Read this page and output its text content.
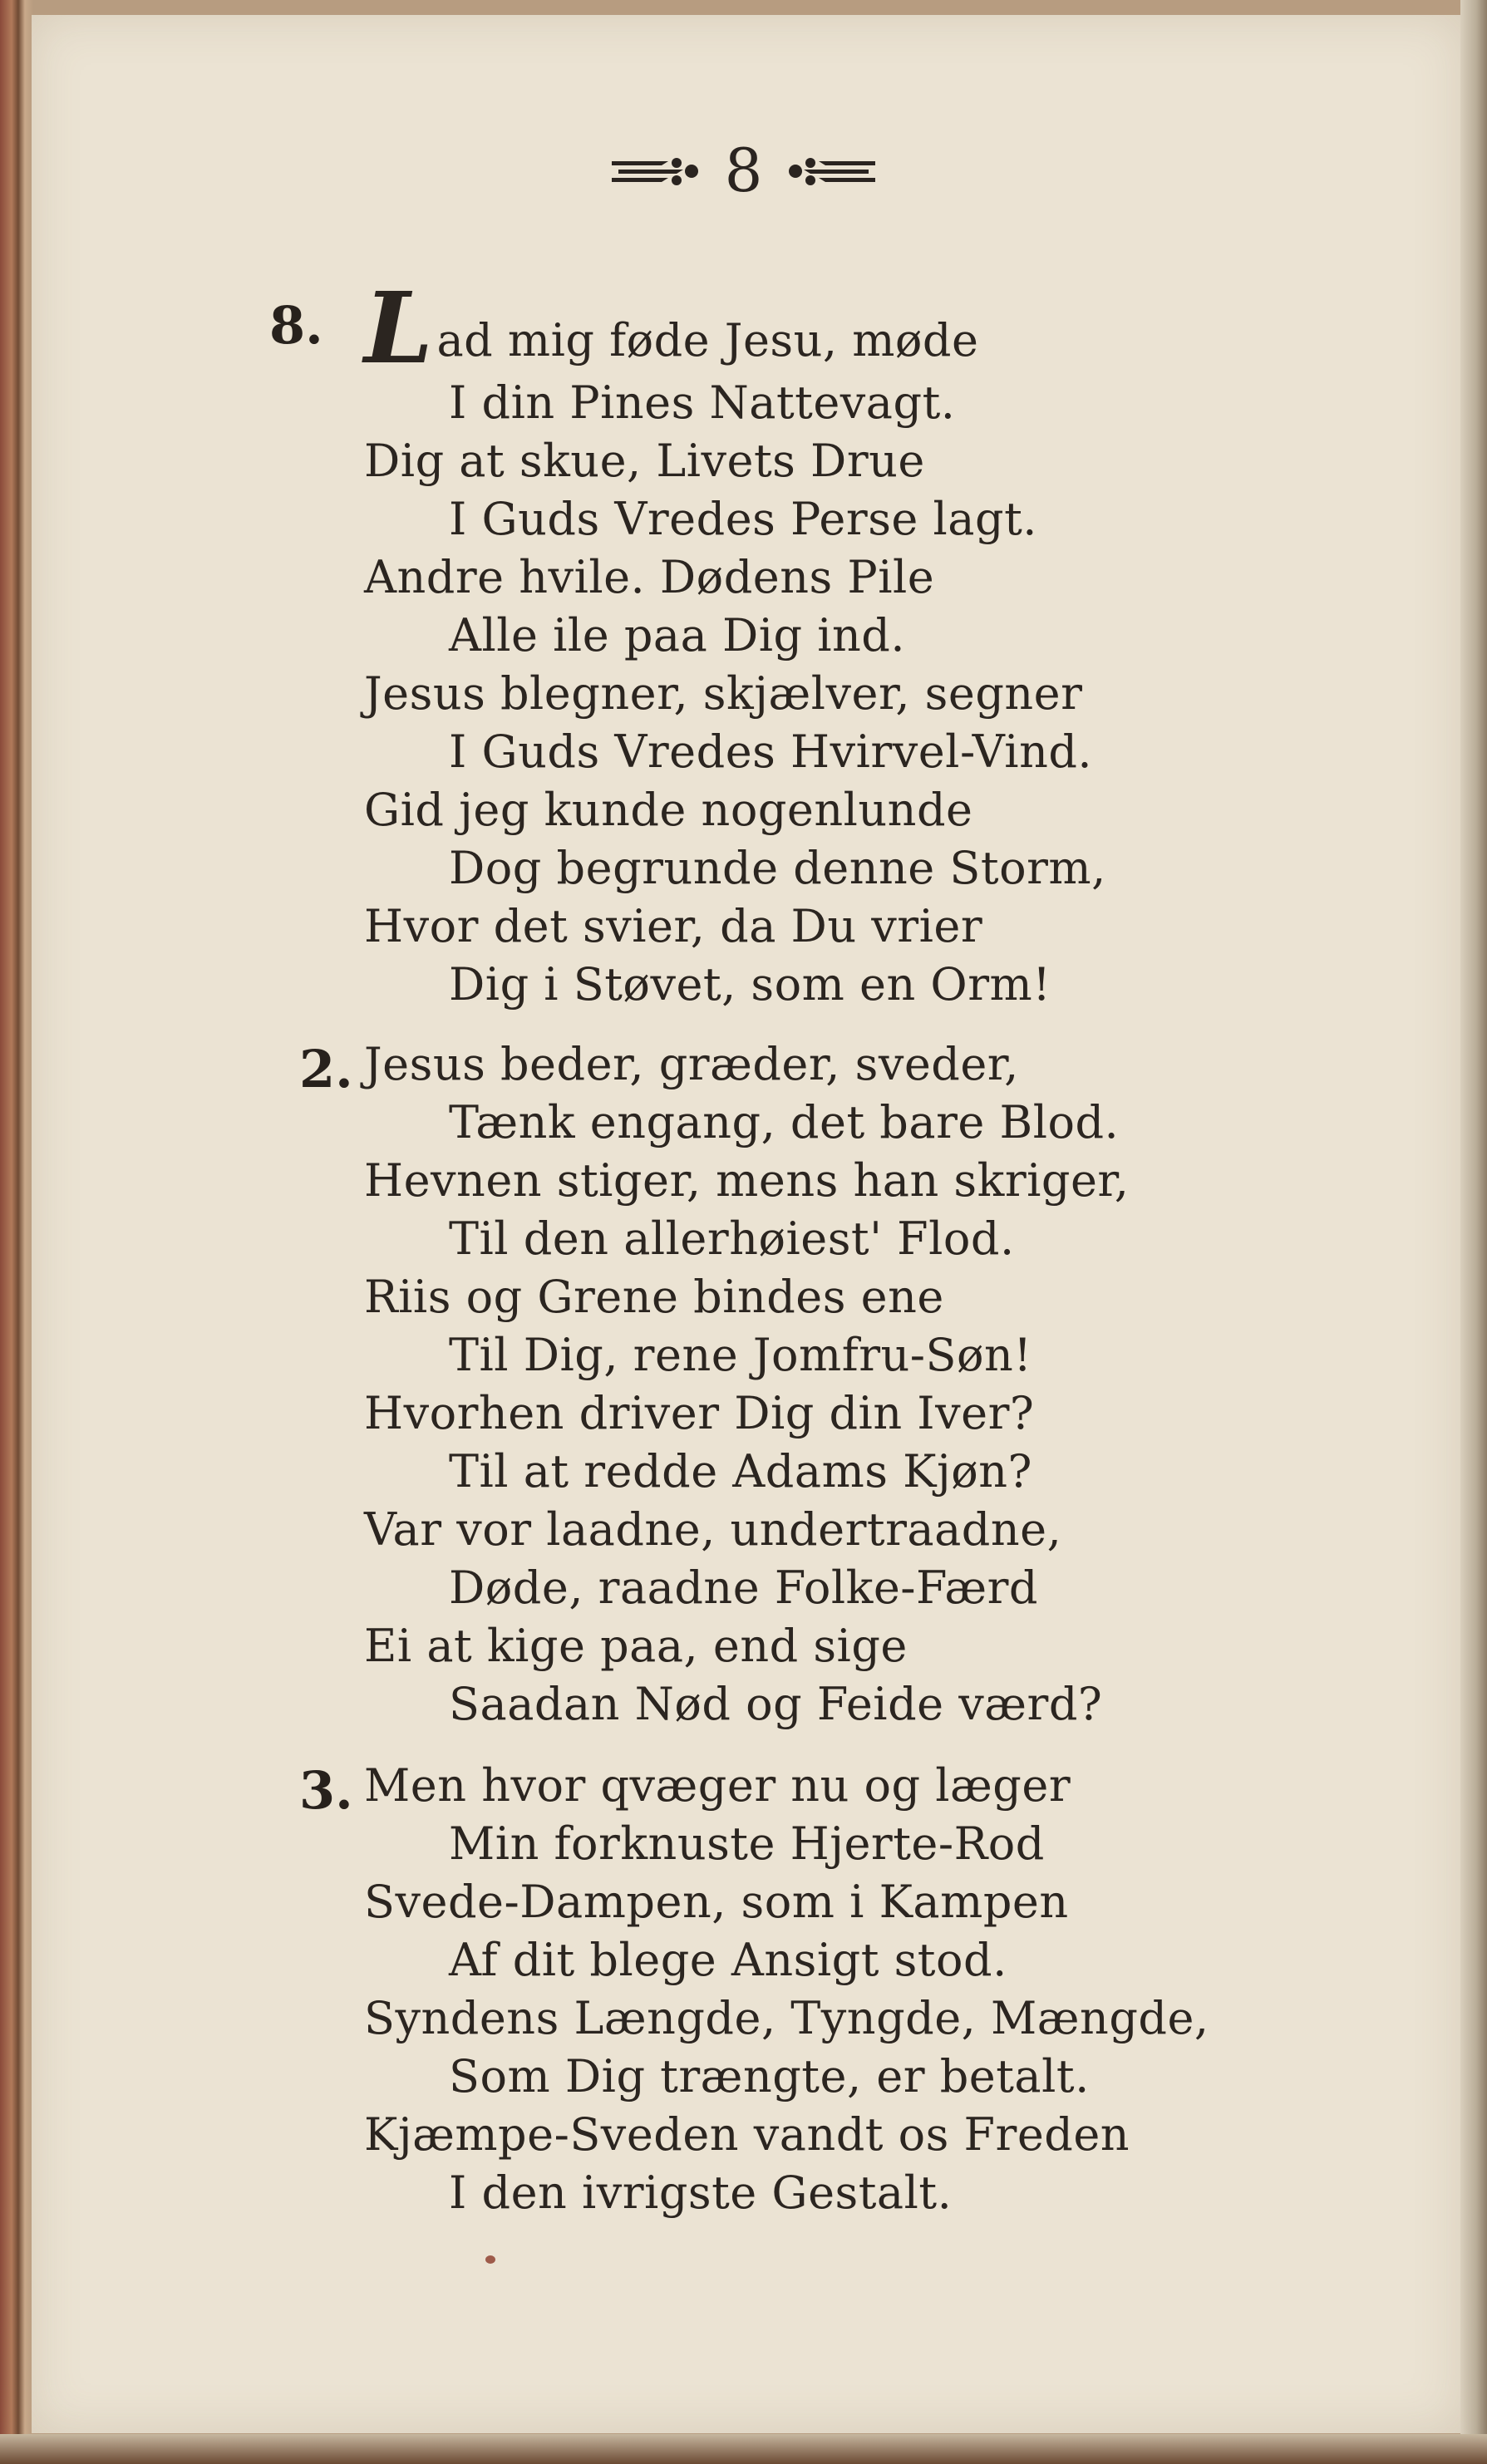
8
8. Lad mig føde Jesu, møde
I din Pines Nattevagt.
Dig at skue, Livets Drue
I Guds Vredes Perse lagt.
Andre hvile. Dødens Pile
Alle ile paa Dig ind.
Jesus blegner, skjælver, segner
I Guds Vredes Hvirvel-Vind.
Gid jeg kunde nogenlunde
Dog begrunde denne Storm,
Hvor det svier, da Du vrier
Dig i Støvet, som en Orm!
2. Jesus beder, græder, sveder,
Tænk engang, det bare Blod.
Hevnen stiger, mens han skriger,
Til den allerhøiest' Flod.
Riis og Grene bindes ene
Til Dig, rene Jomfru-Søn!
Hvorhen driver Dig din Iver?
Til at redde Adams Kjøn?
Var vor laadne, undertraadne,
Døde, raadne Folke-Færd
Ei at kige paa, end sige
Saadan Nød og Feide værd?
3. Men hvor qvæger nu og læger
Min forknuste Hjerte-Rod
Svede-Dampen, som i Kampen
Af dit blege Ansigt stod.
Syndens Længde, Tyngde, Mængde,
Som Dig trængte, er betalt.
Kjæmpe-Sveden vandt os Freden
I den ivrigste Gestalt.
